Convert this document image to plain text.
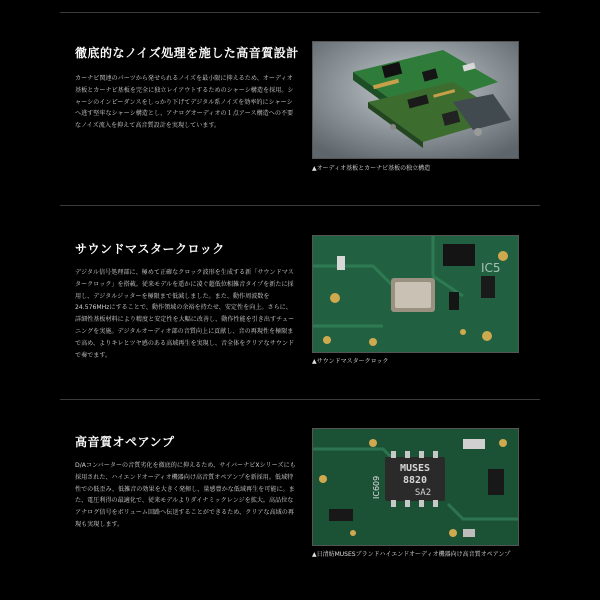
徹底的なノイズ処理を施した高音質設計
カーナビ関連のパーツから発せられるノイズを最小限に抑えるため、オーディオ基板とカーナビ基板を完全に独立レイアウトするためのシャーシ構造を採用。シャーシのインピーダンスをしっかり下げてデジタル系ノイズを効率的にシャーシへ逃す堅牢なシャーシ構造とし、アナログオーディオの１点アース構造への不要なノイズ流入を抑えて高音質設計を実現しています。
▲オーディオ基板とカーナビ基板の独立構造
サウンドマスタークロック
デジタル信号処理部に、極めて正確なクロック波形を生成する新「サウンドマスタークロック」を搭載。従来モデルを遥かに凌ぐ超低位相雑音タイプを新たに採用し、デジタルジッターを極限まで低減しました。また、動作周波数を24.576MHzにすることで、動作領域の余裕を持たせ、安定性を向上。さらに、詳細性基板材料により精度と安定性を大幅に改善し、動作性能を引き出すチューニングを実施。デジタルオーディオ部の音質向上に貢献し、音の再現性を極限まで高め、よりキレとツヤ感のある高域再生を実現し、音全体をクリアなサウンドで奏でます。
IC5
▲サウンドマスタークロック
高音質オペアンプ
D/Aコンバーターの音質劣化を徹底的に抑えるため、サイバーナビXシリーズにも採用された、ハイエンドオーディオ機器向け高音質オペアンプを新採用。低域特性での低歪み、低雑音の効果を大きく発揮し、量感豊かな低域再生を可能に。また、電圧利得の最適化で、従来モデルよりダイナミックレンジを拡大。高品位なアナログ信号をボリューム回路へ伝送することができるため、クリアな高域の再現も実現します。
MUSES
8820
SA2
IC609
▲日清紡MUSESブランドハイエンドオーディオ機器向け高音質オペアンプ
